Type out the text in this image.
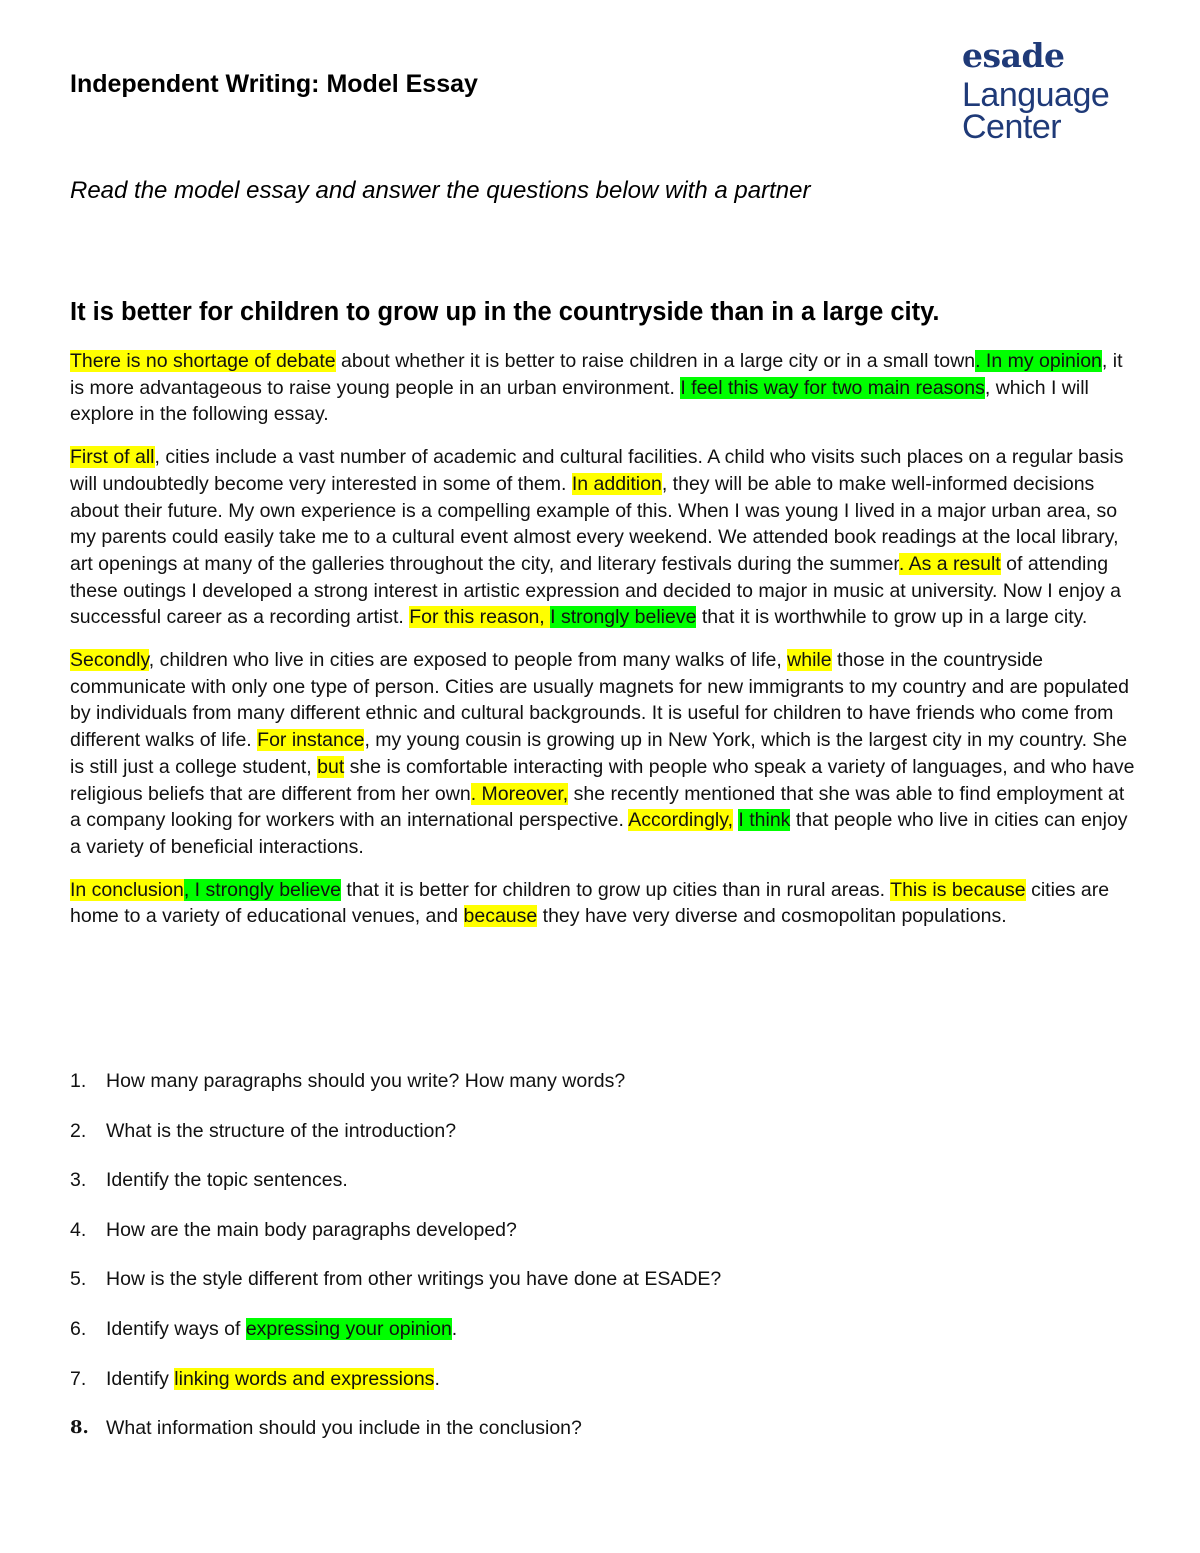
Independent Writing: Model Essay
esade
Language
Center

Read the model essay and answer the questions below with a partner

It is better for children to grow up in the countryside than in a large city.

There is no shortage of debate about whether it is better to raise children in a large city or in a small town. In my opinion, it is more advantageous to raise young people in an urban environment. I feel this way for two main reasons, which I will explore in the following essay.

First of all, cities include a vast number of academic and cultural facilities. A child who visits such places on a regular basis will undoubtedly become very interested in some of them. In addition, they will be able to make well-informed decisions about their future. My own experience is a compelling example of this. When I was young I lived in a major urban area, so my parents could easily take me to a cultural event almost every weekend. We attended book readings at the local library, art openings at many of the galleries throughout the city, and literary festivals during the summer. As a result of attending these outings I developed a strong interest in artistic expression and decided to major in music at university. Now I enjoy a successful career as a recording artist. For this reason, I strongly believe that it is worthwhile to grow up in a large city.

Secondly, children who live in cities are exposed to people from many walks of life, while those in the countryside communicate with only one type of person. Cities are usually magnets for new immigrants to my country and are populated by individuals from many different ethnic and cultural backgrounds. It is useful for children to have friends who come from different walks of life. For instance, my young cousin is growing up in New York, which is the largest city in my country. She is still just a college student, but she is comfortable interacting with people who speak a variety of languages, and who have religious beliefs that are different from her own. Moreover, she recently mentioned that she was able to find employment at a company looking for workers with an international perspective. Accordingly, I think that people who live in cities can enjoy a variety of beneficial interactions.

In conclusion, I strongly believe that it is better for children to grow up cities than in rural areas. This is because cities are home to a variety of educational venues, and because they have very diverse and cosmopolitan populations.

1.	How many paragraphs should you write? How many words?
2.	What is the structure of the introduction?
3.	Identify the topic sentences.
4.	How are the main body paragraphs developed?
5.	How is the style different from other writings you have done at ESADE?
6.	Identify ways of expressing your opinion.
7.	Identify linking words and expressions.
8. What information should you include in the conclusion?
